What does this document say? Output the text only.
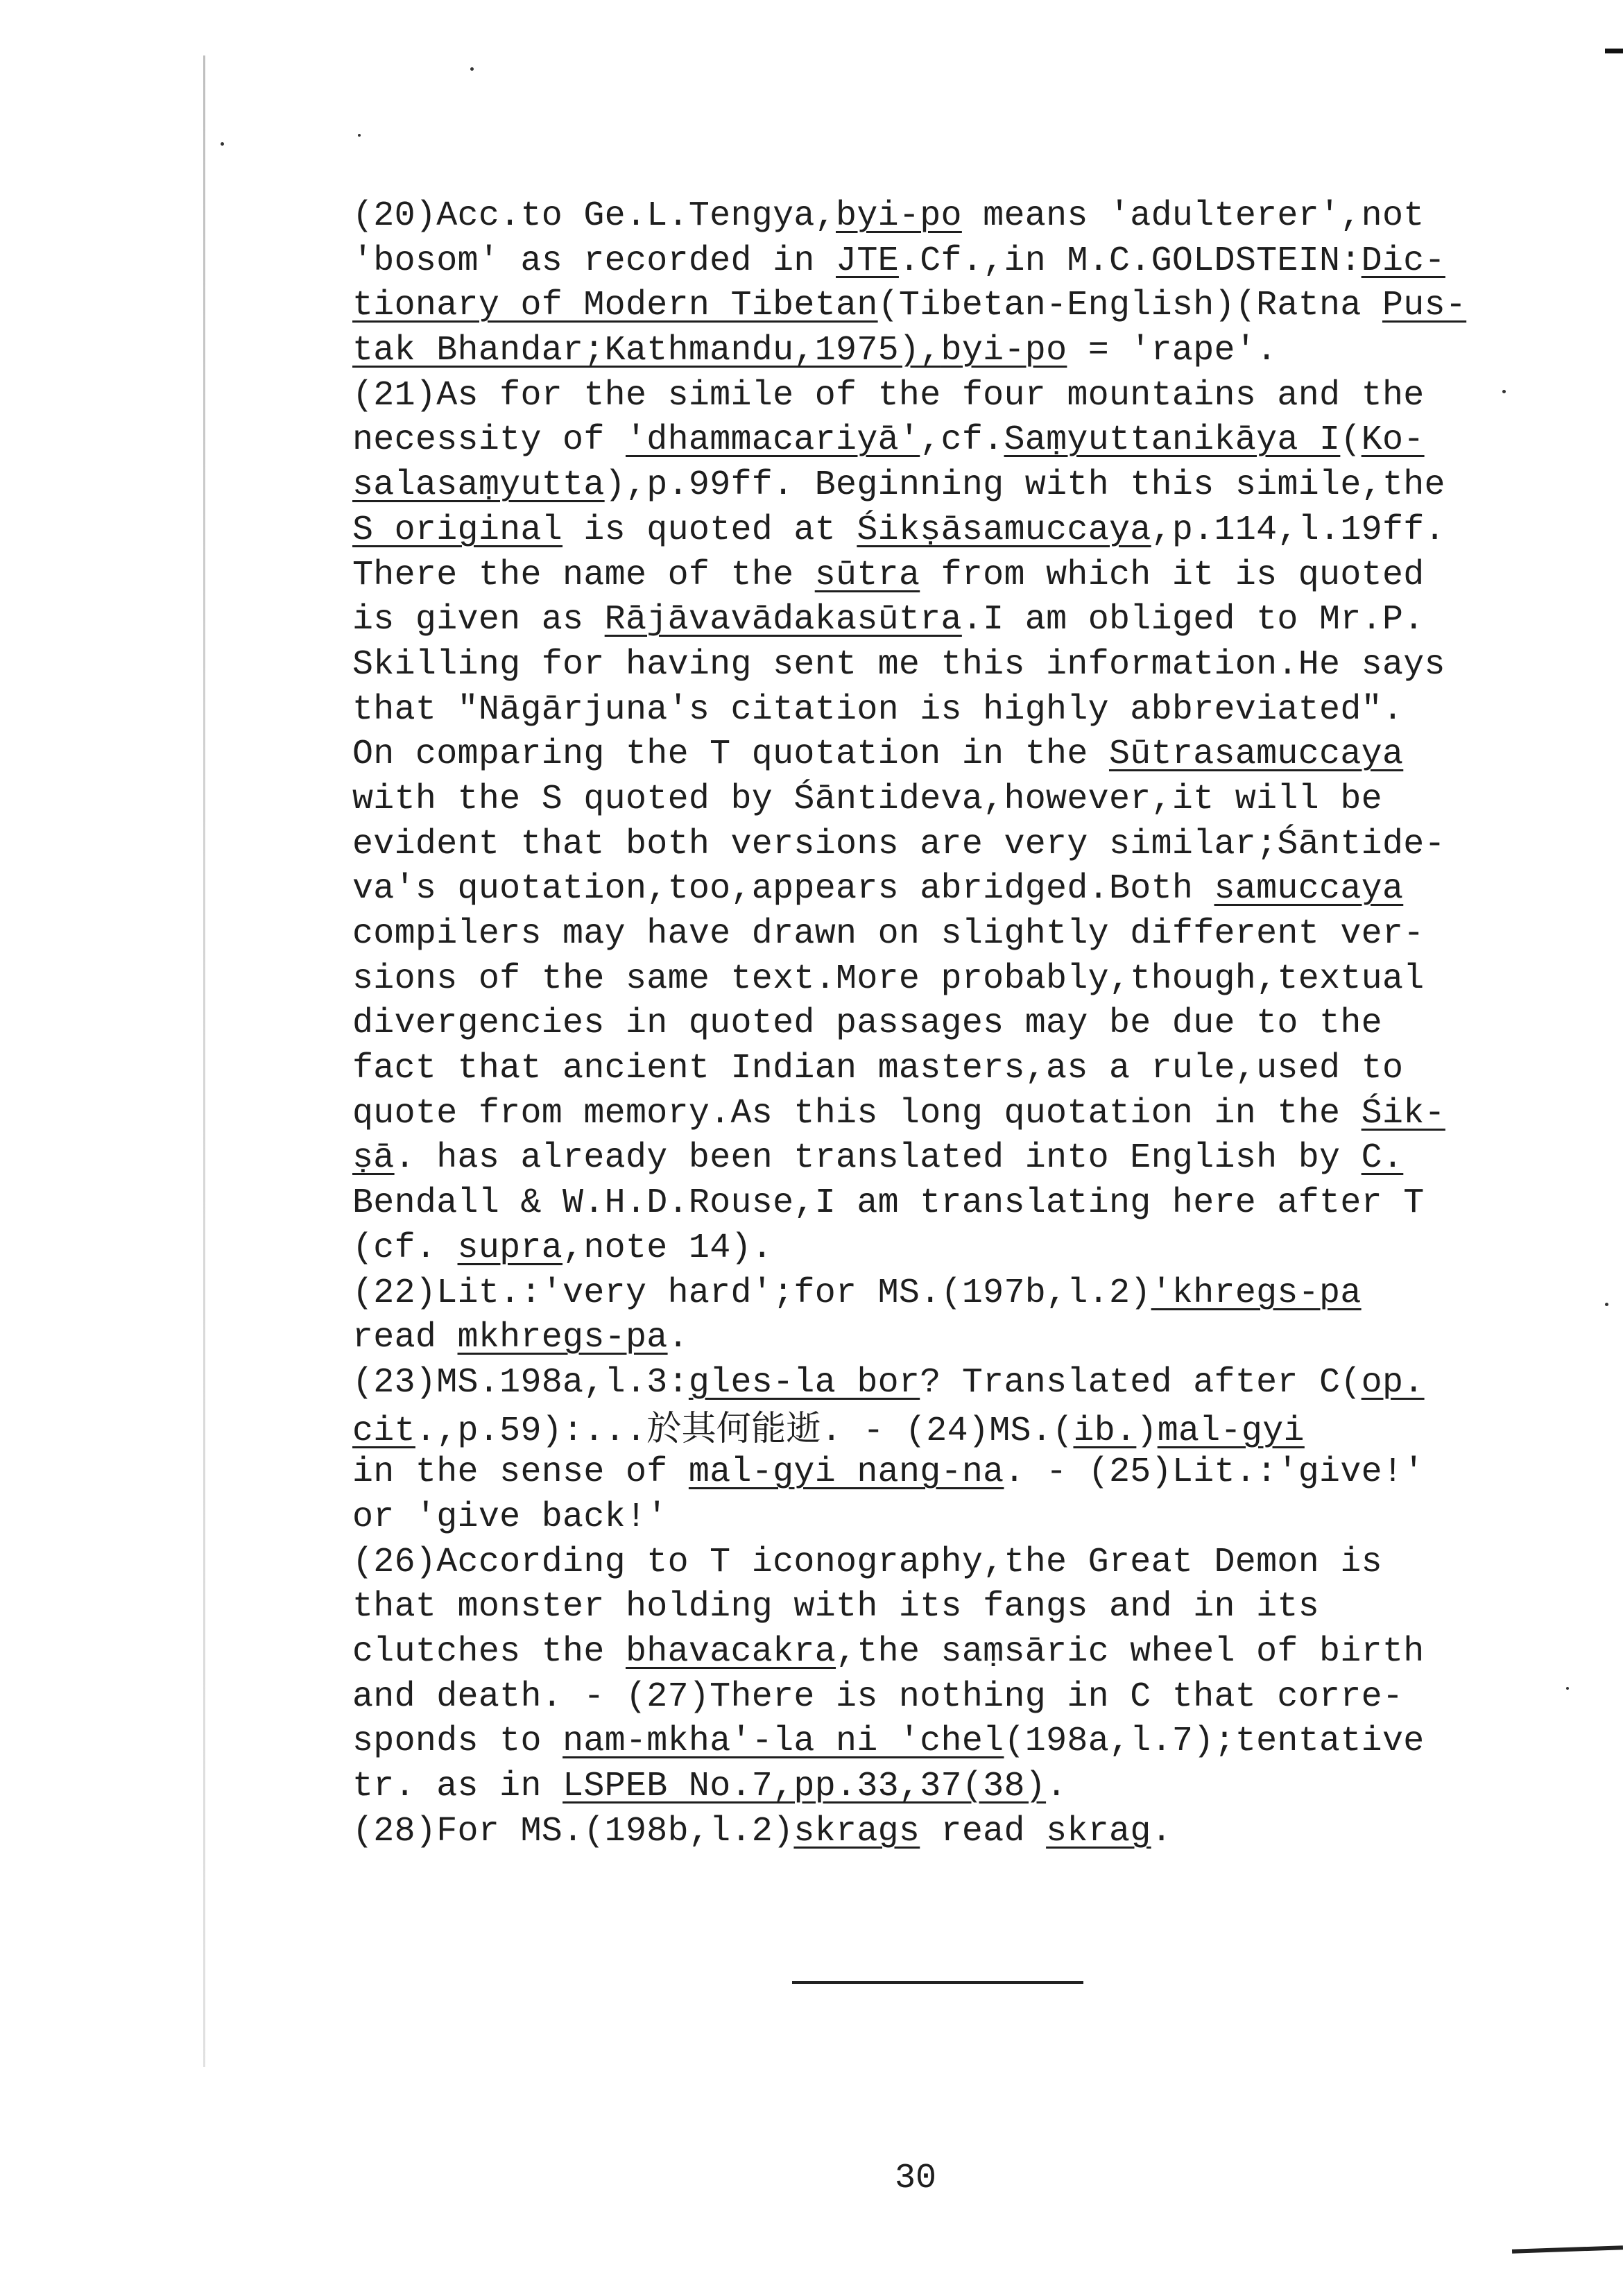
(20)Acc.to Ge.L.Tengya,byi-po means 'adulterer',not
'bosom' as recorded in JTE.Cf.,in M.C.GOLDSTEIN:Dic-
tionary of Modern Tibetan(Tibetan-English)(Ratna Pus-
tak Bhandar;Kathmandu,1975),byi-po = 'rape'.
(21)As for the simile of the four mountains and the
necessity of 'dhammacariyā',cf.Saṃyuttanikāya I(Ko-
salasaṃyutta),p.99ff. Beginning with this simile,the
S original is quoted at Śikṣāsamuccaya,p.114,l.19ff.
There the name of the sūtra from which it is quoted
is given as Rājāvavādakasūtra.I am obliged to Mr.P.
Skilling for having sent me this information.He says
that "Nāgārjuna's citation is highly abbreviated".
On comparing the T quotation in the Sūtrasamuccaya
with the S quoted by Śāntideva,however,it will be
evident that both versions are very similar;Śāntide-
va's quotation,too,appears abridged.Both samuccaya
compilers may have drawn on slightly different ver-
sions of the same text.More probably,though,textual
divergencies in quoted passages may be due to the
fact that ancient Indian masters,as a rule,used to
quote from memory.As this long quotation in the Śik-
ṣā. has already been translated into English by C.
Bendall & W.H.D.Rouse,I am translating here after T
(cf. supra,note 14).
(22)Lit.:'very hard';for MS.(197b,l.2)'khregs-pa
read mkhregs-pa.
(23)MS.198a,l.3:gles-la bor? Translated after C(op.
cit.,p.59):...於其何能逝. - (24)MS.(ib.)mal-gyi
in the sense of mal-gyi nang-na. - (25)Lit.:'give!'
or 'give back!'
(26)According to T iconography,the Great Demon is
that monster holding with its fangs and in its
clutches the bhavacakra,the saṃsāric wheel of birth
and death. - (27)There is nothing in C that corre-
sponds to nam-mkha'-la ni 'chel(198a,l.7);tentative
tr. as in LSPEB No.7,pp.33,37(38).
(28)For MS.(198b,l.2)skrags read skrag.
30
